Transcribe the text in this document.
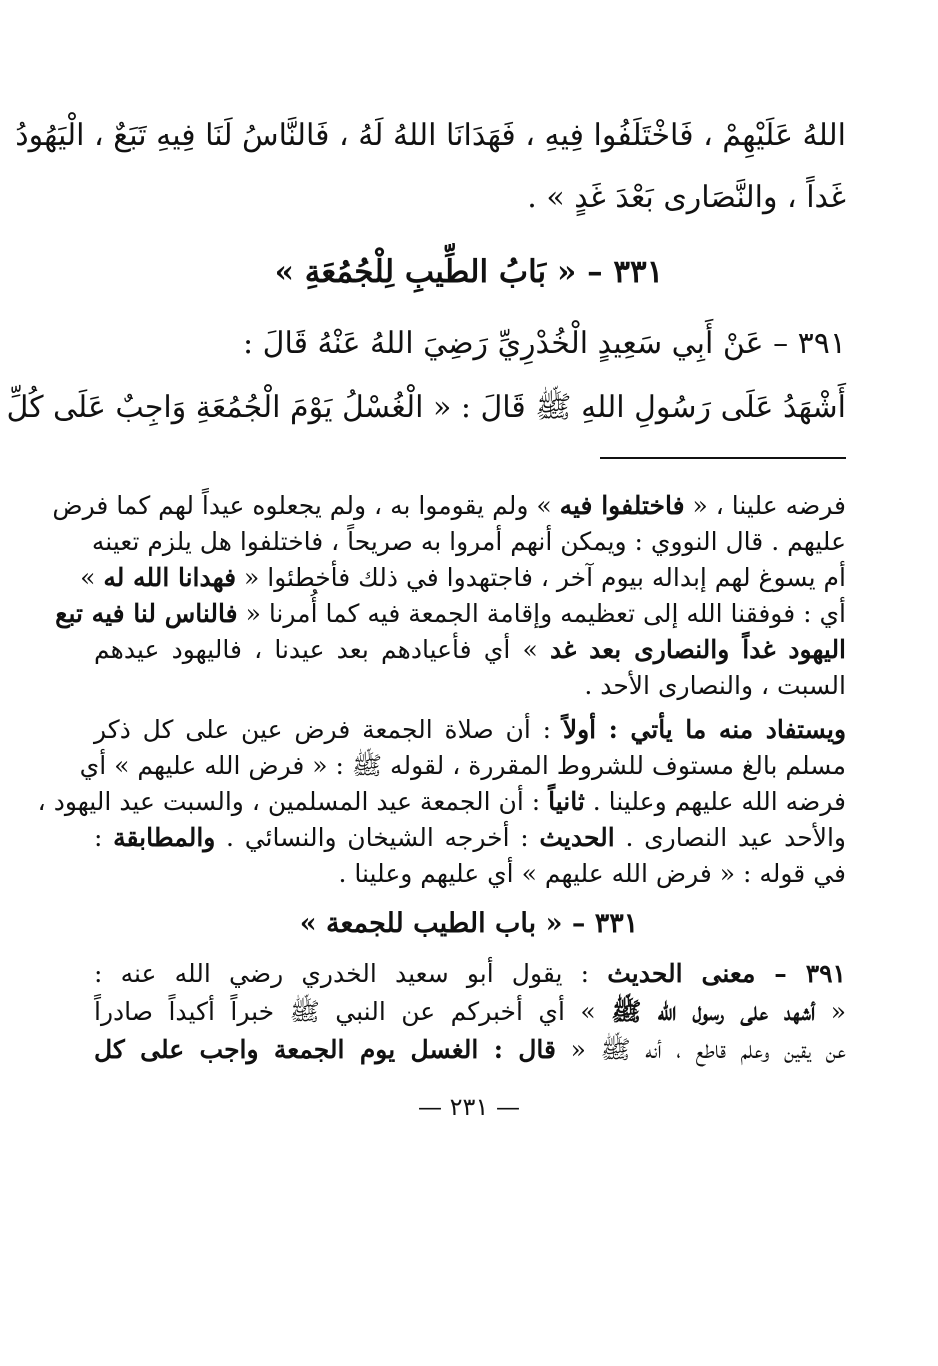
اللهُ عَلَيْهِمْ ، فَاخْتَلَفُوا فِيهِ ، فَهَدَانَا اللهُ لَهُ ، فَالنَّاسُ لَنَا فِيهِ تَبَعٌ ، الْيَهُودُ
غَداً ، والنَّصَارى بَعْدَ غَدٍ » .
٣٣١ – « بَابُ الطِّيبِ لِلْجُمُعَةِ »
٣٩١ – عَنْ أَبِي سَعِيدٍ الْخُدْرِيِّ رَضِيَ اللهُ عَنْهُ قَالَ :
أَشْهَدُ عَلَى رَسُولِ اللهِ ﷺ قَالَ : « الْغُسْلُ يَوْمَ الْجُمُعَةِ وَاجِبٌ عَلَى كُلِّ
فرضه علينا ، « فاختلفوا فيه » ولم يقوموا به ، ولم يجعلوه عيداً لهم كما فرض
عليهم . قال النووي : ويمكن أنهم أمروا به صريحاً ، فاختلفوا هل يلزم تعينه
أم يسوغ لهم إبداله بيوم آخر ، فاجتهدوا في ذلك فأخطئوا « فهدانا الله له »
أي : فوفقنا الله إلى تعظيمه وإقامة الجمعة فيه كما أُمرنا « فالناس لنا فيه تبع
اليهود غداً والنصارى بعد غد » أي فأعيادهم بعد عيدنا ، فاليهود عيدهم
السبت ، والنصارى الأحد .
ويستفاد منه ما يأتي : أولاً : أن صلاة الجمعة فرض عين على كل ذكر
مسلم بالغ مستوف للشروط المقررة ، لقوله ﷺ : « فرض الله عليهم » أي
فرضه الله عليهم وعلينا . ثانياً : أن الجمعة عيد المسلمين ، والسبت عيد اليهود ،
والأحد عيد النصارى . الحديث : أخرجه الشيخان والنسائي . والمطابقة :
في قوله : « فرض الله عليهم » أي عليهم وعلينا .
٣٣١ – « باب الطيب للجمعة »
٣٩١ – معنى الحديث : يقول أبو سعيد الخدري رضي الله عنه :
« أشهد على رسول الله ﷺ » أي أخبركم عن النبي ﷺ خبراً أكيداً صادراً
عن يقين وعلم قاطع ، أنه ﷺ « قال : الغسل يوم الجمعة واجب على كل
— ٢٣١ —
